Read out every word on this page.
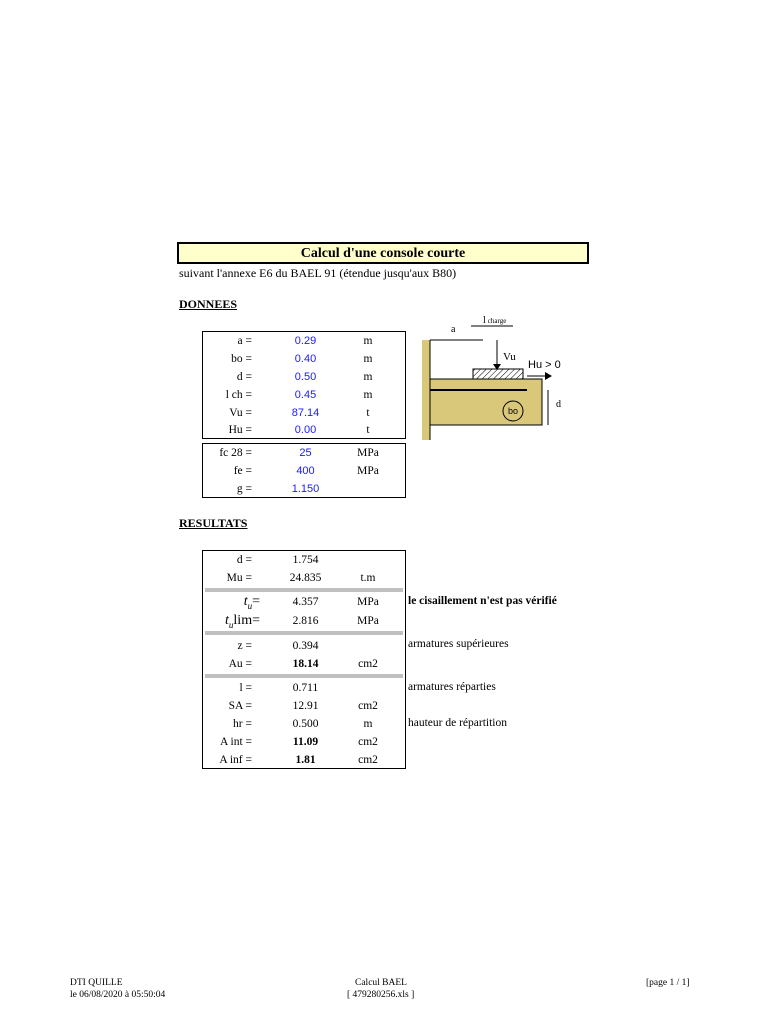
Calcul d'une console courte
suivant l'annexe E6 du BAEL 91 (étendue jusqu'aux B80)
DONNEES
a =	0.29	m
bo =	0.40	m
d =	0.50	m
l ch =	0.45	m
Vu =	87.14	t
Hu =	0.00	t
fc 28 =	25	MPa
fe =	400	MPa
g =	1.150
a
l charge
Vu
Hu > 0
d
bo
RESULTATS
d =	1.754
Mu =	24.835	t.m
$t_u=$	4.357	MPa
$t_u\lim=$	2.816	MPa
z =	0.394
Au =	18.14	cm2
l =	0.711
SA =	12.91	cm2
hr =	0.500	m
A int =	11.09	cm2
A inf =	1.81	cm2
le cisaillement n'est pas vérifié
armatures supérieures
armatures réparties
hauteur de répartition
DTI QUILLE
le 06/08/2020 à 05:50:04
Calcul BAEL
[ 479280256.xls ]
[page 1 / 1]
